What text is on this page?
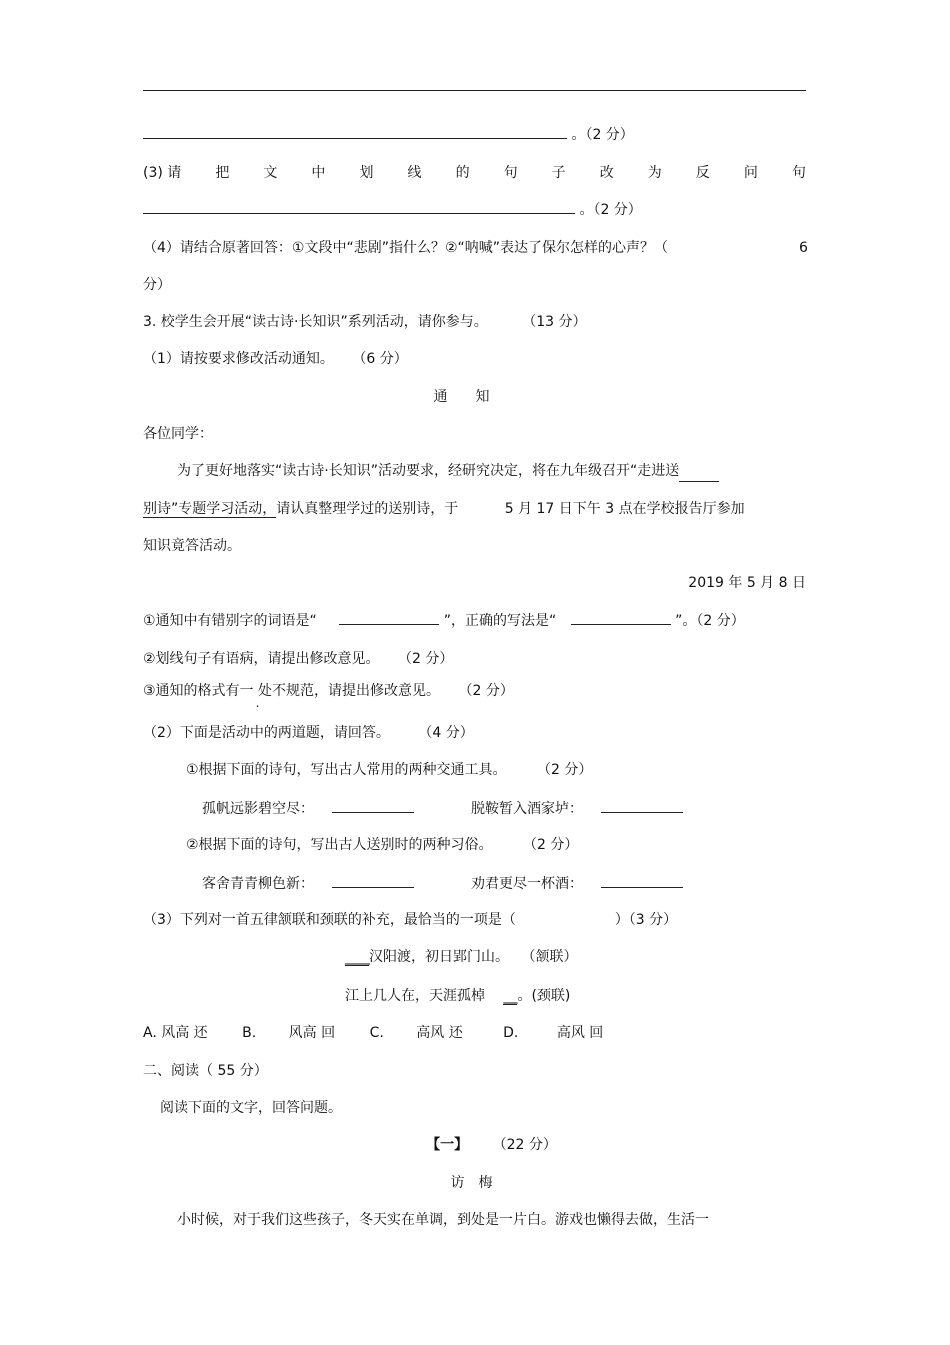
。（2 分）
(3) 请 把 文 中 划 线 的 句 子 改 为 反 问 句
。（2 分）
（4）请结合原著回答：①文段中“悲剧”指什么？②“呐喊”表达了保尔怎样的心声？（	6
分）
3. 校学生会开展“读古诗·长知识”系列活动，请你参与。 （13 分）
（1）请按要求修改活动通知。 （6 分）
通　　知
各位同学：
为了更好地落实“读古诗·长知识”活动要求，经研究决定，将在九年级召开“走进送
别诗”专题学习活动，请认真整理学过的送别诗，于	5 月 17 日下午 3 点在学校报告厅参加
知识竟答活动。
2019 年 5 月 8 日
①通知中有错别字的词语是“	”，正确的写法是“	”。（2 分）
②划线句子有语病，请提出修改意见。 （2 分）
③通知的格式有一  . 处不规范，请提出修改意见。 （2 分）
（2）下面是活动中的两道题，请回答。 （4 分）
①根据下面的诗句，写出古人常用的两种交通工具。 （2 分）
孤帆远影碧空尽：	脱鞍暂入酒家垆：
②根据下面的诗句，写出古人送别时的两种习俗。 （2 分）
客舍青青柳色新：	劝君更尽一杯酒：
（3）下列对一首五律颔联和颈联的补充，最恰当的一项是（	）（3 分）
____汉阳渡，初日郢门山。 （颔联）
江上几人在，天涯孤棹 __。(颈联)
A. 风高 还 B. 风高 回 C. 高风 还	D.	高风 回
二、阅读（ 55 分）
阅读下面的文字，回答问题。
【一】 （22 分）
访　梅
小时候，对于我们这些孩子，冬天实在单调，到处是一片白。游戏也懒得去做，生活一
